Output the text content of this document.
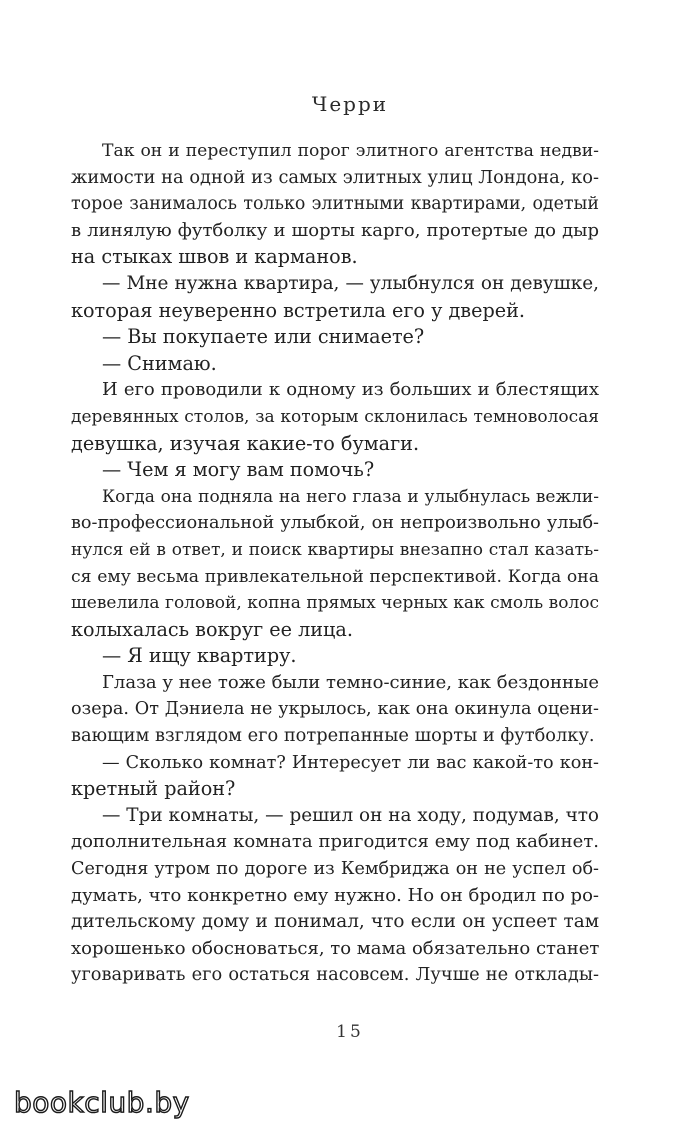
Черри
Так он и переступил порог элитного агентства недви-
жимости на одной из самых элитных улиц Лондона, ко-
торое занималось только элитными квартирами, одетый
в линялую футболку и шорты карго, протертые до дыр
на стыках швов и карманов.
— Мне нужна квартира, — улыбнулся он девушке,
которая неуверенно встретила его у дверей.
— Вы покупаете или снимаете?
— Снимаю.
И его проводили к одному из больших и блестящих
деревянных столов, за которым склонилась темноволосая
девушка, изучая какие-то бумаги.
— Чем я могу вам помочь?
Когда она подняла на него глаза и улыбнулась вежли-
во-профессиональной улыбкой, он непроизвольно улыб-
нулся ей в ответ, и поиск квартиры внезапно стал казать-
ся ему весьма привлекательной перспективой. Когда она
шевелила головой, копна прямых черных как смоль волос
колыхалась вокруг ее лица.
— Я ищу квартиру.
Глаза у нее тоже были темно-синие, как бездонные
озера. От Дэниела не укрылось, как она окинула оцени-
вающим взглядом его потрепанные шорты и футболку.
— Сколько комнат? Интересует ли вас какой-то кон-
кретный район?
— Три комнаты, — решил он на ходу, подумав, что
дополнительная комната пригодится ему под кабинет.
Сегодня утром по дороге из Кембриджа он не успел об-
думать, что конкретно ему нужно. Но он бродил по ро-
дительскому дому и понимал, что если он успеет там
хорошенько обосноваться, то мама обязательно станет
уговаривать его остаться насовсем. Лучше не отклады-
15
bookclub.by
